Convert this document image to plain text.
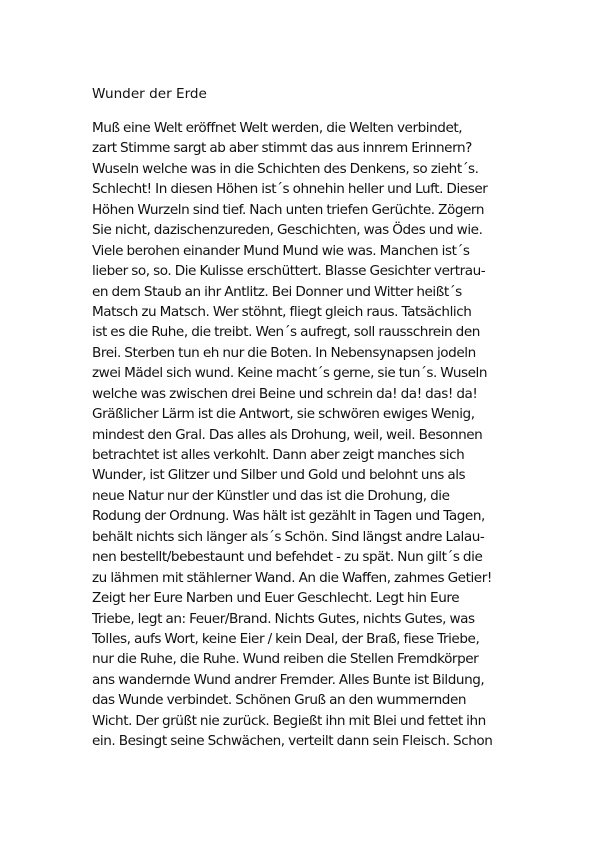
Wunder der Erde
Muß eine Welt eröffnet Welt werden, die Welten verbindet,
zart Stimme sargt ab aber stimmt das aus innrem Erinnern?
Wuseln welche was in die Schichten des Denkens, so zieht´s.
Schlecht! In diesen Höhen ist´s ohnehin heller und Luft. Dieser
Höhen Wurzeln sind tief. Nach unten triefen Gerüchte. Zögern
Sie nicht, dazischenzureden, Geschichten, was Ödes und wie.
Viele berohen einander Mund Mund wie was. Manchen ist´s
lieber so, so. Die Kulisse erschüttert. Blasse Gesichter vertrau-
en dem Staub an ihr Antlitz. Bei Donner und Witter heißt´s
Matsch zu Matsch. Wer stöhnt, fliegt gleich raus. Tatsächlich
ist es die Ruhe, die treibt. Wen´s aufregt, soll rausschrein den
Brei. Sterben tun eh nur die Boten. In Nebensynapsen jodeln
zwei Mädel sich wund. Keine macht´s gerne, sie tun´s. Wuseln
welche was zwischen drei Beine und schrein da! da! das! da!
Gräßlicher Lärm ist die Antwort, sie schwören ewiges Wenig,
mindest den Gral. Das alles als Drohung, weil, weil. Besonnen
betrachtet ist alles verkohlt. Dann aber zeigt manches sich
Wunder, ist Glitzer und Silber und Gold und belohnt uns als
neue Natur nur der Künstler und das ist die Drohung, die
Rodung der Ordnung. Was hält ist gezählt in Tagen und Tagen,
behält nichts sich länger als´s Schön. Sind längst andre Lalau-
nen bestellt/bebestaunt und befehdet - zu spät. Nun gilt´s die
zu lähmen mit stählerner Wand. An die Waffen, zahmes Getier!
Zeigt her Eure Narben und Euer Geschlecht. Legt hin Eure
Triebe, legt an: Feuer/Brand. Nichts Gutes, nichts Gutes, was
Tolles, aufs Wort, keine Eier / kein Deal, der Braß, fiese Triebe,
nur die Ruhe, die Ruhe. Wund reiben die Stellen Fremdkörper
ans wandernde Wund andrer Fremder. Alles Bunte ist Bildung,
das Wunde verbindet. Schönen Gruß an den wummernden
Wicht. Der grüßt nie zurück. Begießt ihn mit Blei und fettet ihn
ein. Besingt seine Schwächen, verteilt dann sein Fleisch. Schon
